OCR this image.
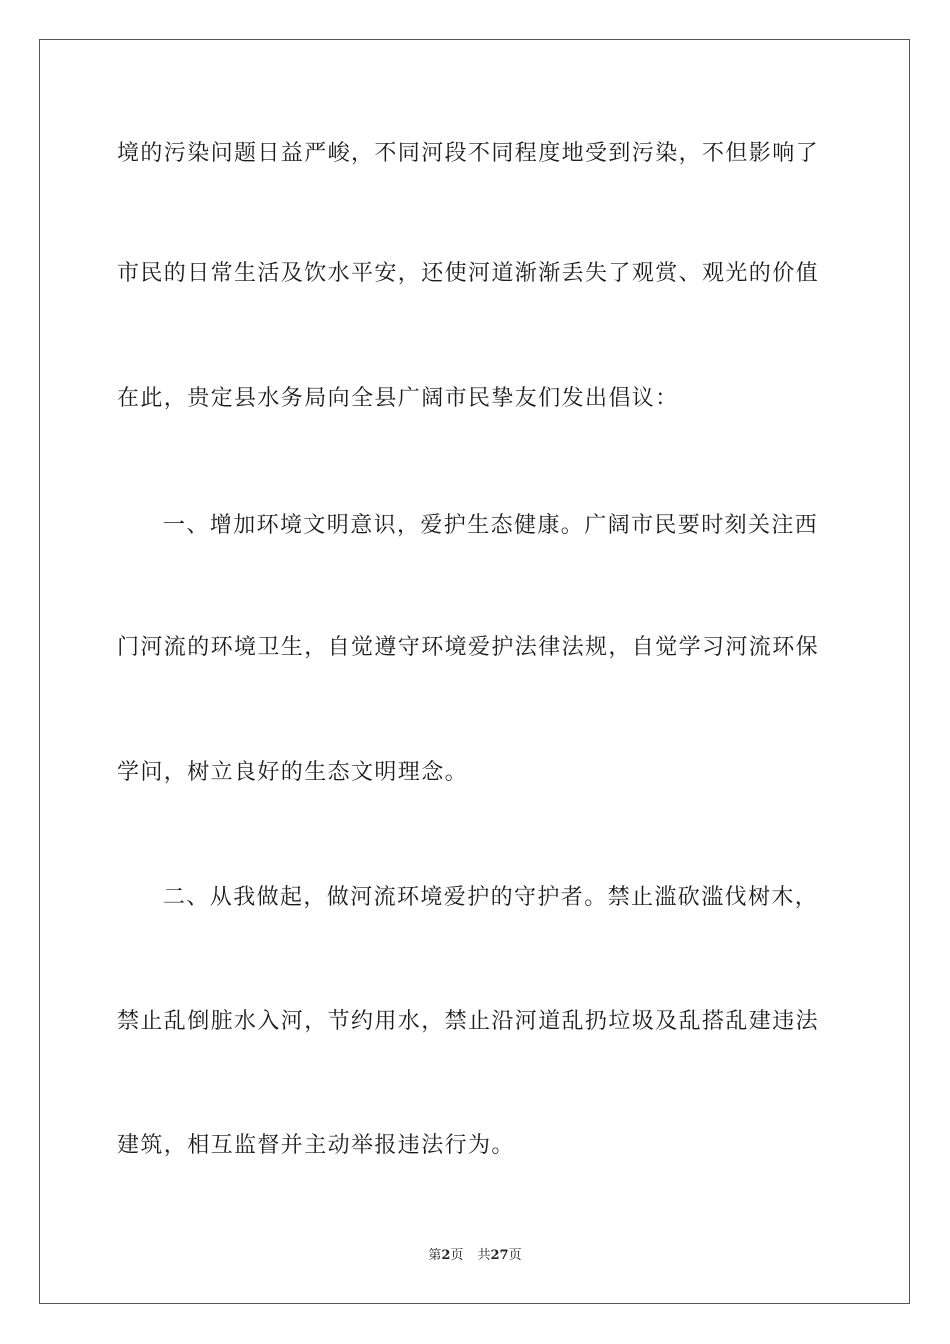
境的污染问题日益严峻，不同河段不同程度地受到污染，不但影响了
市民的日常生活及饮水平安，还使河道渐渐丢失了观赏、观光的价值
在此，贵定县水务局向全县广阔市民挚友们发出倡议：
一、增加环境文明意识，爱护生态健康。广阔市民要时刻关注西
门河流的环境卫生，自觉遵守环境爱护法律法规，自觉学习河流环保
学问，树立良好的生态文明理念。
二、从我做起，做河流环境爱护的守护者。禁止滥砍滥伐树木，
禁止乱倒脏水入河，节约用水，禁止沿河道乱扔垃圾及乱搭乱建违法
建筑，相互监督并主动举报违法行为。
第2页 共27页
